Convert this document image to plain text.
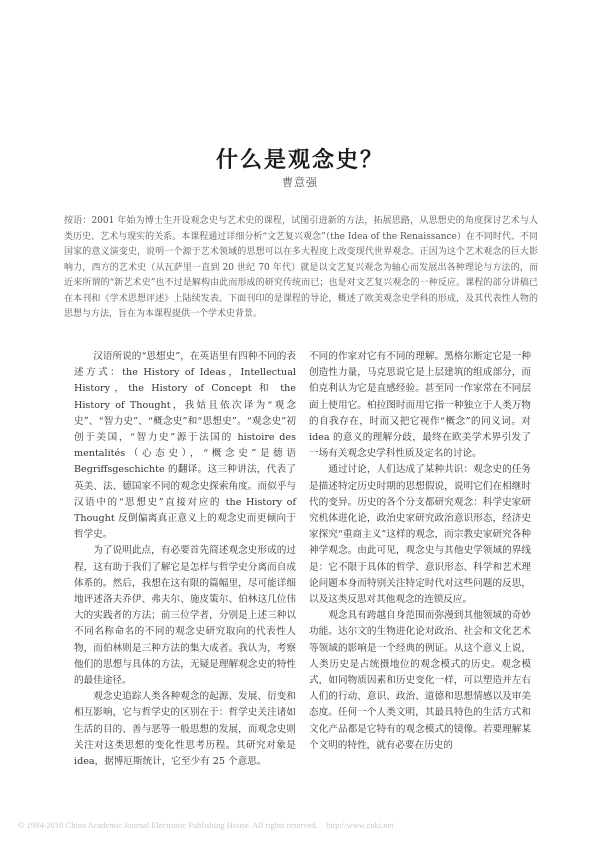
什么是观念史？
曹意强

按语：2001 年始为博士生开设观念史与艺术史的课程，试图引进新的方法，拓展思路，从思想史的角度探讨艺术与人类历史、艺术与现实的关系。本课程通过详细分析“文艺复兴观念”（the Idea of the Renaissance）在不同时代、不同国家的意义演变史，说明一个源于艺术领域的思想可以在多大程度上改变现代世界观念。正因为这个艺术观念的巨大影响力，西方的艺术史（从瓦萨里一直到 20 世纪 70 年代）就是以文艺复兴观念为轴心而发展出各种理论与方法的，而近来所谓的“新艺术史”也不过是解构由此而形成的研究传统而已；也是对文艺复兴观念的一种反应。课程的部分讲稿已在本刊和《学术思想评述》上陆续发表。下面刊印的是课程的导论，概述了欧美观念史学科的形成，及其代表性人物的思想与方法，旨在为本课程提供一个学术史背景。

汉语所说的“思想史”，在英语里有四种不同的表述方式：the History of Ideas，Intellectual History，the History of Concept 和 the History of Thought，我姑且依次译为“观念史”、“智力史”、“概念史”和“思想史”。“观念史”初创于美国，“智力史”源于法国的 histoire des mentalités（心态史），“概念史”是德语 Begriffsgeschichte 的翻译。这三种讲法，代表了英美、法、德国家不同的观念史探索角度。而似乎与汉语中的“思想史”直接对应的 the History of Thought 反倒偏离真正意义上的观念史而更倾向于哲学史。

为了说明此点，有必要首先简述观念史形成的过程，这有助于我们了解它是怎样与哲学史分离而自成体系的。然后，我想在这有限的篇幅里，尽可能详细地评述洛夫乔伊、弗夫尔、施皮策尔、伯林这几位伟大的实践者的方法；前三位学者，分别是上述三种以不同名称命名的不同的观念史研究取向的代表性人物，而伯林则是三种方法的集大成者。我认为，考察他们的思想与具体的方法，无疑是理解观念史的特性的最佳途径。

观念史追踪人类各种观念的起源、发展、衍变和相互影响，它与哲学史的区别在于：哲学史关注诸如生活的目的、善与恶等一般思想的发展，而观念史则关注对这类思想的变化性思考历程。其研究对象是 idea，据博厄斯统计，它至少有 25 个意思。

不同的作家对它有不同的理解。黑格尔断定它是一种创造性力量，马克思说它是上层建筑的组成部分，而伯克利认为它是直感经验。甚至同一作家常在不同层面上使用它。柏拉图时而用它指一种独立于人类万物的自我存在，时而又把它视作“概念”的同义词。对 idea 的意义的理解分歧，最终在欧美学术界引发了一场有关观念史学科性质及定名的讨论。

通过讨论，人们达成了某种共识：观念史的任务是描述特定历史时期的思想假说，说明它们在相继时代的变异。历史的各个分支都研究观念：科学史家研究机体进化论，政治史家研究政治意识形态，经济史家探究“重商主义”这样的观念，而宗教史家研究各种神学观念。由此可见，观念史与其他史学领域的界线是：它不限于具体的哲学、意识形态、科学和艺术理论问题本身而特别关注特定时代对这些问题的反思，以及这类反思对其他观念的连锁反应。

观念具有跨越自身范围而弥漫到其他领域的奇妙功能。达尔文的生物进化论对政治、社会和文化艺术等领域的影响是一个经典的例证。从这个意义上说，人类历史是占统摄地位的观念模式的历史。观念模式，如同物质因素和历史变化一样，可以塑造并左右人们的行动、意识、政治、道德和思想情感以及审美态度。任何一个人类文明，其最具特色的生活方式和文化产品都是它特有的观念模式的镜像。若要理解某个文明的特性，就有必要在历史的

© 1994-2010 China Academic Journal Electronic Publishing House. All rights reserved.    http://www.cnki.net
